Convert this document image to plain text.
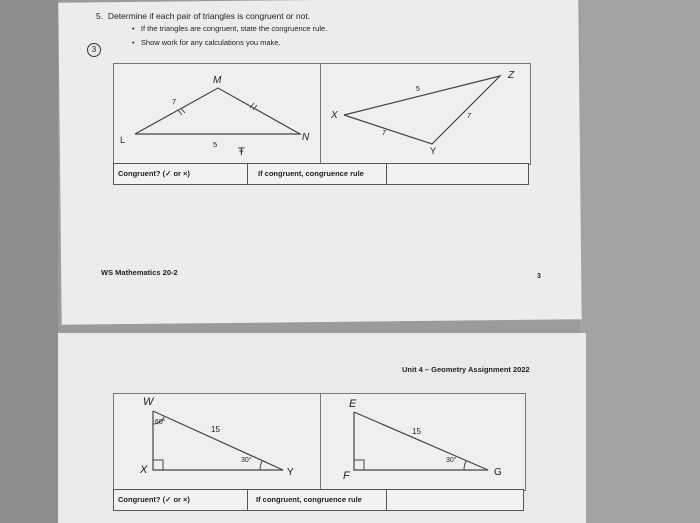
5. Determine if each pair of triangles is congruent or not.
•   If the triangles are congruent, state the congruence rule.
•   Show work for any calculations you make.
3
M
L	N
7
5
Ŧ
X
Z
Y
5
7
7
Congruent? (✓ or ×)	If congruent, congruence rule
WS Mathematics 20-2	3
Unit 4 – Geometry Assignment 2022
W
X	Y
60°
30°
15
E
F	G
30°
15
Congruent? (✓ or ×)	If congruent, congruence rule
